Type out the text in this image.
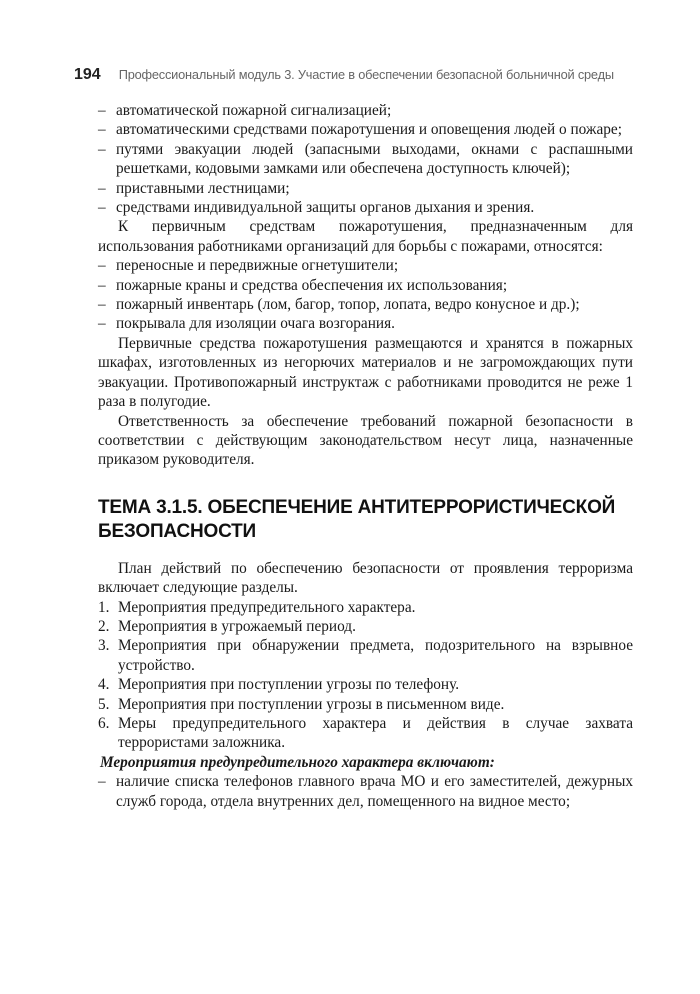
194 Профессиональный модуль 3. Участие в обеспечении безопасной больничной среды
– автоматической пожарной сигнализацией;
– автоматическими средствами пожаротушения и оповещения людей о пожаре;
– путями эвакуации людей (запасными выходами, окнами с распашными решетками, кодовыми замками или обеспечена доступность ключей);
– приставными лестницами;
– средствами индивидуальной защиты органов дыхания и зрения.
К первичным средствам пожаротушения, предназначенным для использования работниками организаций для борьбы с пожарами, относятся:
– переносные и передвижные огнетушители;
– пожарные краны и средства обеспечения их использования;
– пожарный инвентарь (лом, багор, топор, лопата, ведро конусное и др.);
– покрывала для изоляции очага возгорания.
Первичные средства пожаротушения размещаются и хранятся в пожарных шкафах, изготовленных из негорючих материалов и не загромождающих пути эвакуации. Противопожарный инструктаж с работниками проводится не реже 1 раза в полугодие.
Ответственность за обеспечение требований пожарной безопасности в соответствии с действующим законодательством несут лица, назначенные приказом руководителя.
ТЕМА 3.1.5. ОБЕСПЕЧЕНИЕ АНТИТЕРРОРИСТИЧЕСКОЙ БЕЗОПАСНОСТИ
План действий по обеспечению безопасности от проявления терроризма включает следующие разделы.
1. Мероприятия предупредительного характера.
2. Мероприятия в угрожаемый период.
3. Мероприятия при обнаружении предмета, подозрительного на взрывное устройство.
4. Мероприятия при поступлении угрозы по телефону.
5. Мероприятия при поступлении угрозы в письменном виде.
6. Меры предупредительного характера и действия в случае захвата террористами заложника.
Мероприятия предупредительного характера включают:
– наличие списка телефонов главного врача МО и его заместителей, дежурных служб города, отдела внутренних дел, помещенного на видное место;
